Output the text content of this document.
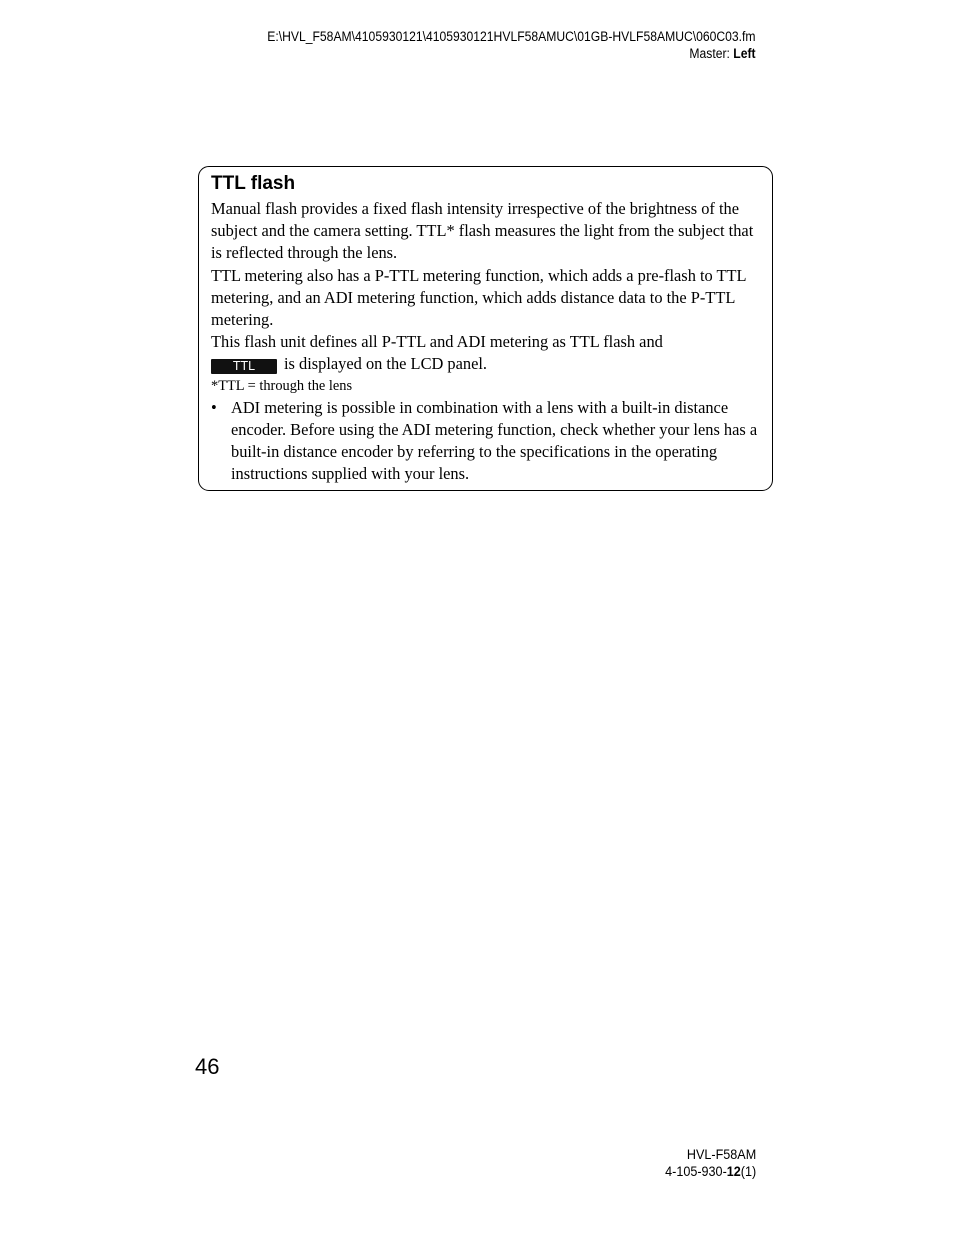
E:\HVL_F58AM\4105930121\4105930121HVLF58AMUC\01GB-HVLF58AMUC\060C03.fm
Master: Left
TTL flash

Manual flash provides a fixed flash intensity irrespective of the brightness of the subject and the camera setting. TTL* flash measures the light from the subject that is reflected through the lens.

TTL metering also has a P-TTL metering function, which adds a pre-flash to TTL metering, and an ADI metering function, which adds distance data to the P-TTL metering.

This flash unit defines all P-TTL and ADI metering as TTL flash and
TTL is displayed on the LCD panel.

*TTL = through the lens

• ADI metering is possible in combination with a lens with a built-in distance encoder. Before using the ADI metering function, check whether your lens has a built-in distance encoder by referring to the specifications in the operating instructions supplied with your lens.
46
HVL-F58AM
4-105-930-12(1)
